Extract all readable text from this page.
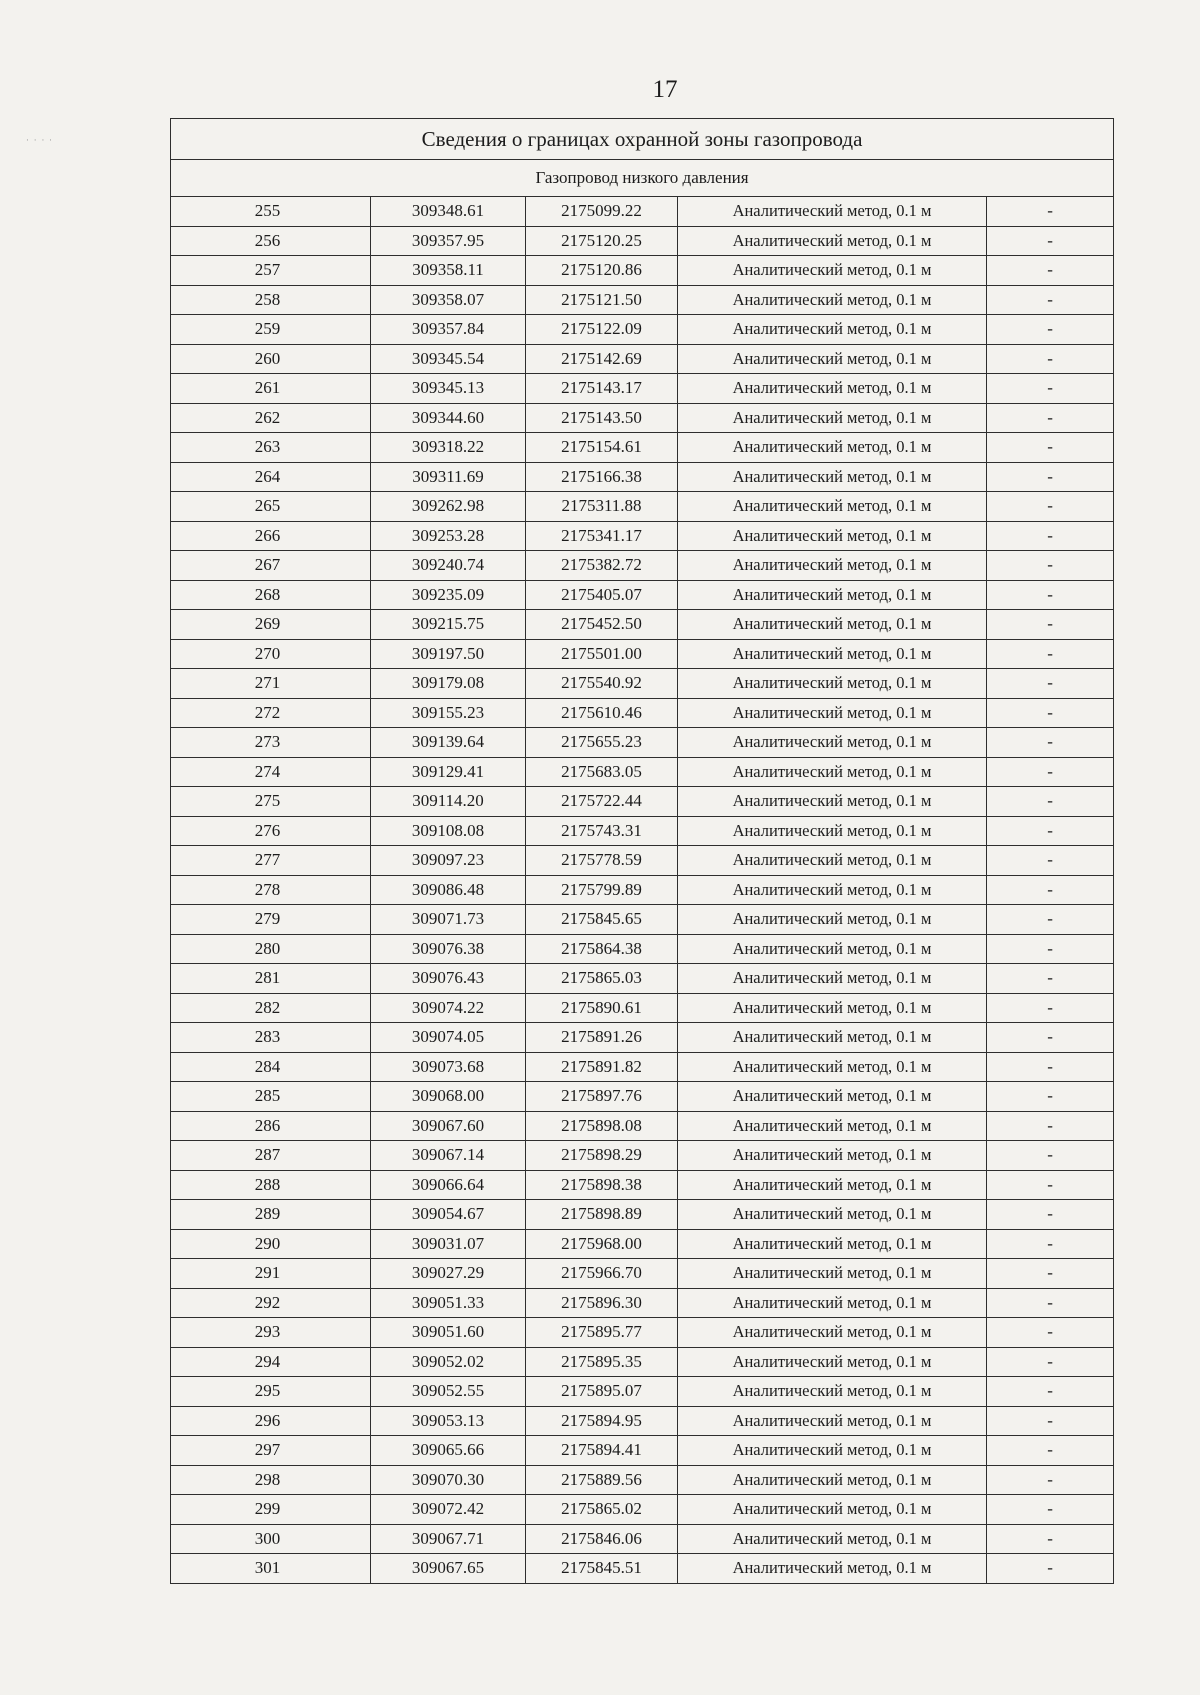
17
· · · ·	Сведения о границах охранной зоны газопровода				
Газопровод низкого давления				
255	309348.61	2175099.22	Аналитический метод, 0.1 м	-
256	309357.95	2175120.25	Аналитический метод, 0.1 м	-
257	309358.11	2175120.86	Аналитический метод, 0.1 м	-
258	309358.07	2175121.50	Аналитический метод, 0.1 м	-
259	309357.84	2175122.09	Аналитический метод, 0.1 м	-
260	309345.54	2175142.69	Аналитический метод, 0.1 м	-
261	309345.13	2175143.17	Аналитический метод, 0.1 м	-
262	309344.60	2175143.50	Аналитический метод, 0.1 м	-
263	309318.22	2175154.61	Аналитический метод, 0.1 м	-
264	309311.69	2175166.38	Аналитический метод, 0.1 м	-
265	309262.98	2175311.88	Аналитический метод, 0.1 м	-
266	309253.28	2175341.17	Аналитический метод, 0.1 м	-
267	309240.74	2175382.72	Аналитический метод, 0.1 м	-
268	309235.09	2175405.07	Аналитический метод, 0.1 м	-
269	309215.75	2175452.50	Аналитический метод, 0.1 м	-
270	309197.50	2175501.00	Аналитический метод, 0.1 м	-
271	309179.08	2175540.92	Аналитический метод, 0.1 м	-
272	309155.23	2175610.46	Аналитический метод, 0.1 м	-
273	309139.64	2175655.23	Аналитический метод, 0.1 м	-
274	309129.41	2175683.05	Аналитический метод, 0.1 м	-
275	309114.20	2175722.44	Аналитический метод, 0.1 м	-
276	309108.08	2175743.31	Аналитический метод, 0.1 м	-
277	309097.23	2175778.59	Аналитический метод, 0.1 м	-
278	309086.48	2175799.89	Аналитический метод, 0.1 м	-
279	309071.73	2175845.65	Аналитический метод, 0.1 м	-
280	309076.38	2175864.38	Аналитический метод, 0.1 м	-
281	309076.43	2175865.03	Аналитический метод, 0.1 м	-
282	309074.22	2175890.61	Аналитический метод, 0.1 м	-
283	309074.05	2175891.26	Аналитический метод, 0.1 м	-
284	309073.68	2175891.82	Аналитический метод, 0.1 м	-
285	309068.00	2175897.76	Аналитический метод, 0.1 м	-
286	309067.60	2175898.08	Аналитический метод, 0.1 м	-
287	309067.14	2175898.29	Аналитический метод, 0.1 м	-
288	309066.64	2175898.38	Аналитический метод, 0.1 м	-
289	309054.67	2175898.89	Аналитический метод, 0.1 м	-
290	309031.07	2175968.00	Аналитический метод, 0.1 м	-
291	309027.29	2175966.70	Аналитический метод, 0.1 м	-
292	309051.33	2175896.30	Аналитический метод, 0.1 м	-
293	309051.60	2175895.77	Аналитический метод, 0.1 м	-
294	309052.02	2175895.35	Аналитический метод, 0.1 м	-
295	309052.55	2175895.07	Аналитический метод, 0.1 м	-
296	309053.13	2175894.95	Аналитический метод, 0.1 м	-
297	309065.66	2175894.41	Аналитический метод, 0.1 м	-
298	309070.30	2175889.56	Аналитический метод, 0.1 м	-
299	309072.42	2175865.02	Аналитический метод, 0.1 м	-
300	309067.71	2175846.06	Аналитический метод, 0.1 м	-
301	309067.65	2175845.51	Аналитический метод, 0.1 м	-
